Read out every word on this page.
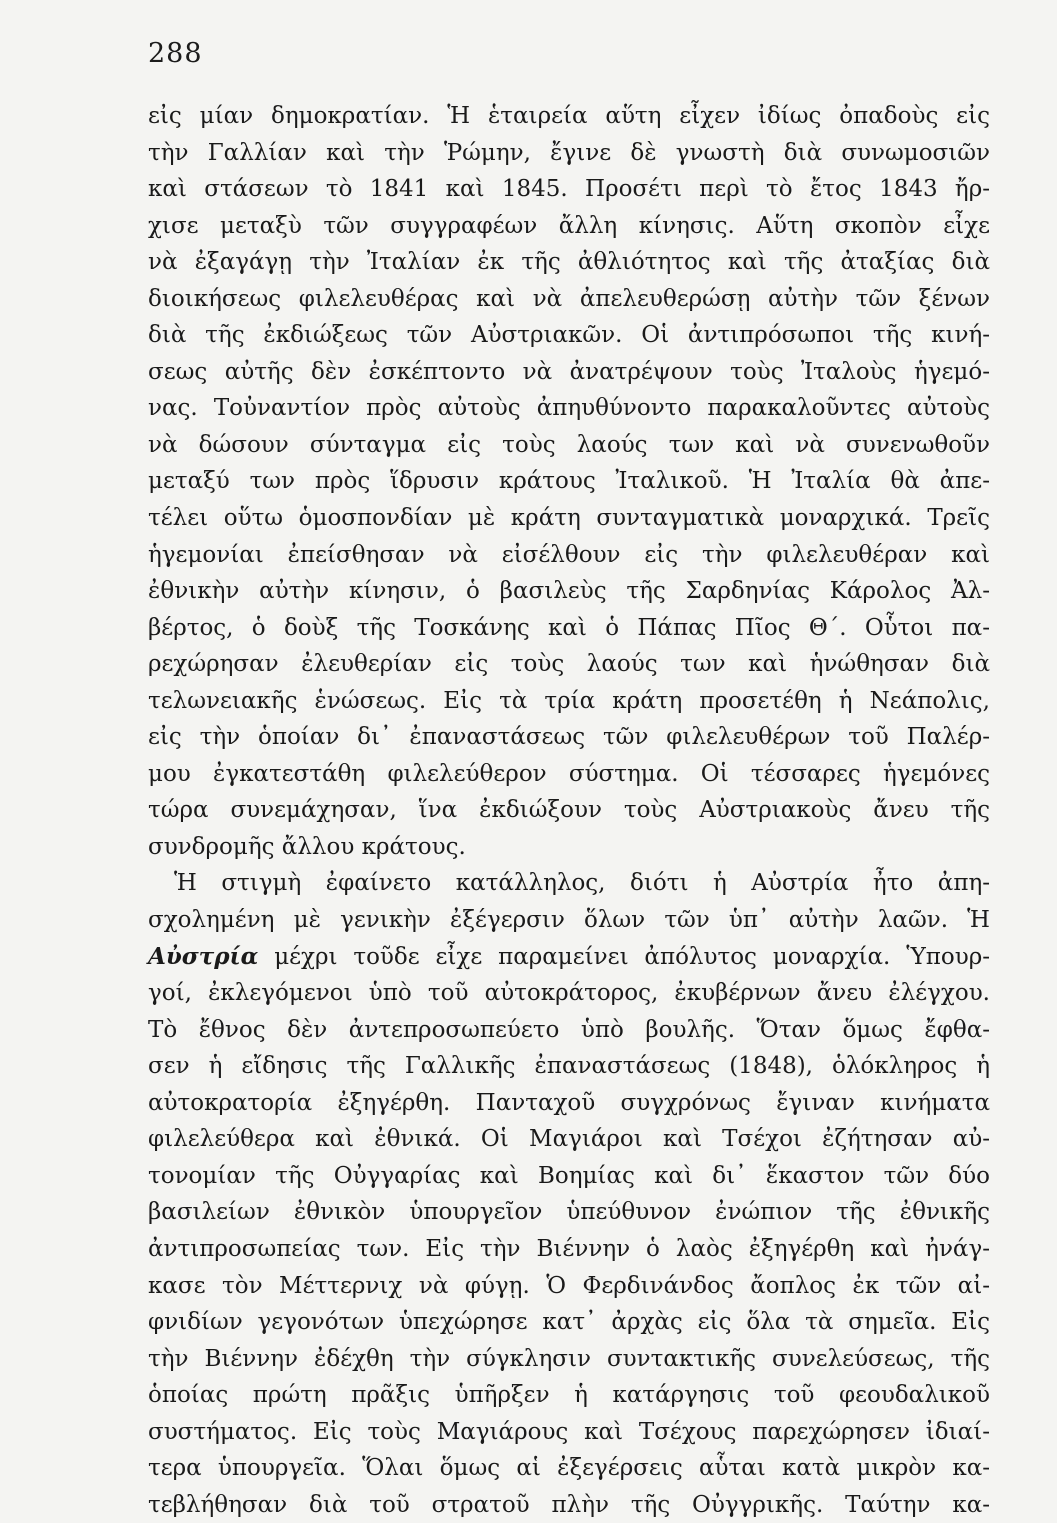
288
εἰς μίαν δημοκρατίαν. Ἡ ἑταιρεία αὕτη εἶχεν ἰδίως ὀπαδοὺς εἰς
τὴν Γαλλίαν καὶ τὴν Ῥώμην, ἔγινε δὲ γνωστὴ διὰ συνωμοσιῶν
καὶ στάσεων τὸ 1841 καὶ 1845. Προσέτι περὶ τὸ ἔτος 1843 ἤρ-
χισε μεταξὺ τῶν συγγραφέων ἄλλη κίνησις. Αὕτη σκοπὸν εἶχε
νὰ ἐξαγάγῃ τὴν Ἰταλίαν ἐκ τῆς ἀθλιότητος καὶ τῆς ἀταξίας διὰ
διοικήσεως φιλελευθέρας καὶ νὰ ἀπελευθερώσῃ αὐτὴν τῶν ξένων
διὰ τῆς ἐκδιώξεως τῶν Αὐστριακῶν. Οἱ ἀντιπρόσωποι τῆς κινή-
σεως αὐτῆς δὲν ἐσκέπτοντο νὰ ἀνατρέψουν τοὺς Ἰταλοὺς ἡγεμό-
νας. Τοὐναντίον πρὸς αὐτοὺς ἀπηυθύνοντο παρακαλοῦντες αὐτοὺς
νὰ δώσουν σύνταγμα εἰς τοὺς λαούς των καὶ νὰ συνενωθοῦν
μεταξύ των πρὸς ἵδρυσιν κράτους Ἰταλικοῦ. Ἡ Ἰταλία θὰ ἀπε-
τέλει οὕτω ὁμοσπονδίαν μὲ κράτη συνταγματικὰ μοναρχικά. Τρεῖς
ἡγεμονίαι ἐπείσθησαν νὰ εἰσέλθουν εἰς τὴν φιλελευθέραν καὶ
ἐθνικὴν αὐτὴν κίνησιν, ὁ βασιλεὺς τῆς Σαρδηνίας Κάρολος Ἀλ-
βέρτος, ὁ δοὺξ τῆς Τοσκάνης καὶ ὁ Πάπας Πῖος Θ΄. Οὗτοι πα-
ρεχώρησαν ἐλευθερίαν εἰς τοὺς λαούς των καὶ ἡνώθησαν διὰ
τελωνειακῆς ἑνώσεως. Εἰς τὰ τρία κράτη προσετέθη ἡ Νεάπολις,
εἰς τὴν ὁποίαν δι᾽ ἐπαναστάσεως τῶν φιλελευθέρων τοῦ Παλέρ-
μου ἐγκατεστάθη φιλελεύθερον σύστημα. Οἱ τέσσαρες ἡγεμόνες
τώρα συνεμάχησαν, ἵνα ἐκδιώξουν τοὺς Αὐστριακοὺς ἄνευ τῆς
συνδρομῆς ἄλλου κράτους.
Ἡ στιγμὴ ἐφαίνετο κατάλληλος, διότι ἡ Αὐστρία ἦτο ἀπη-
σχολημένη μὲ γενικὴν ἐξέγερσιν ὅλων τῶν ὑπ᾽ αὐτὴν λαῶν. Ἡ
Αὐστρία μέχρι τοῦδε εἶχε παραμείνει ἀπόλυτος μοναρχία. Ὑπουρ-
γοί, ἐκλεγόμενοι ὑπὸ τοῦ αὐτοκράτορος, ἐκυβέρνων ἄνευ ἐλέγχου.
Τὸ ἔθνος δὲν ἀντεπροσωπεύετο ὑπὸ βουλῆς. Ὅταν ὅμως ἔφθα-
σεν ἡ εἴδησις τῆς Γαλλικῆς ἐπαναστάσεως (1848), ὁλόκληρος ἡ
αὐτοκρατορία ἐξηγέρθη. Πανταχοῦ συγχρόνως ἔγιναν κινήματα
φιλελεύθερα καὶ ἐθνικά. Οἱ Μαγιάροι καὶ Τσέχοι ἐζήτησαν αὐ-
τονομίαν τῆς Οὐγγαρίας καὶ Βοημίας καὶ δι᾽ ἕκαστον τῶν δύο
βασιλείων ἐθνικὸν ὑπουργεῖον ὑπεύθυνον ἐνώπιον τῆς ἐθνικῆς
ἀντιπροσωπείας των. Εἰς τὴν Βιέννην ὁ λαὸς ἐξηγέρθη καὶ ἠνάγ-
κασε τὸν Μέττερνιχ νὰ φύγῃ. Ὁ Φερδινάνδος ἄοπλος ἐκ τῶν αἰ-
φνιδίων γεγονότων ὑπεχώρησε κατ᾽ ἀρχὰς εἰς ὅλα τὰ σημεῖα. Εἰς
τὴν Βιέννην ἐδέχθη τὴν σύγκλησιν συντακτικῆς συνελεύσεως, τῆς
ὁποίας πρώτη πρᾶξις ὑπῆρξεν ἡ κατάργησις τοῦ φεουδαλικοῦ
συστήματος. Εἰς τοὺς Μαγιάρους καὶ Τσέχους παρεχώρησεν ἰδιαί-
τερα ὑπουργεῖα. Ὅλαι ὅμως αἱ ἐξεγέρσεις αὗται κατὰ μικρὸν κα-
τεβλήθησαν διὰ τοῦ στρατοῦ πλὴν τῆς Οὐγγρικῆς. Ταύτην κα-
